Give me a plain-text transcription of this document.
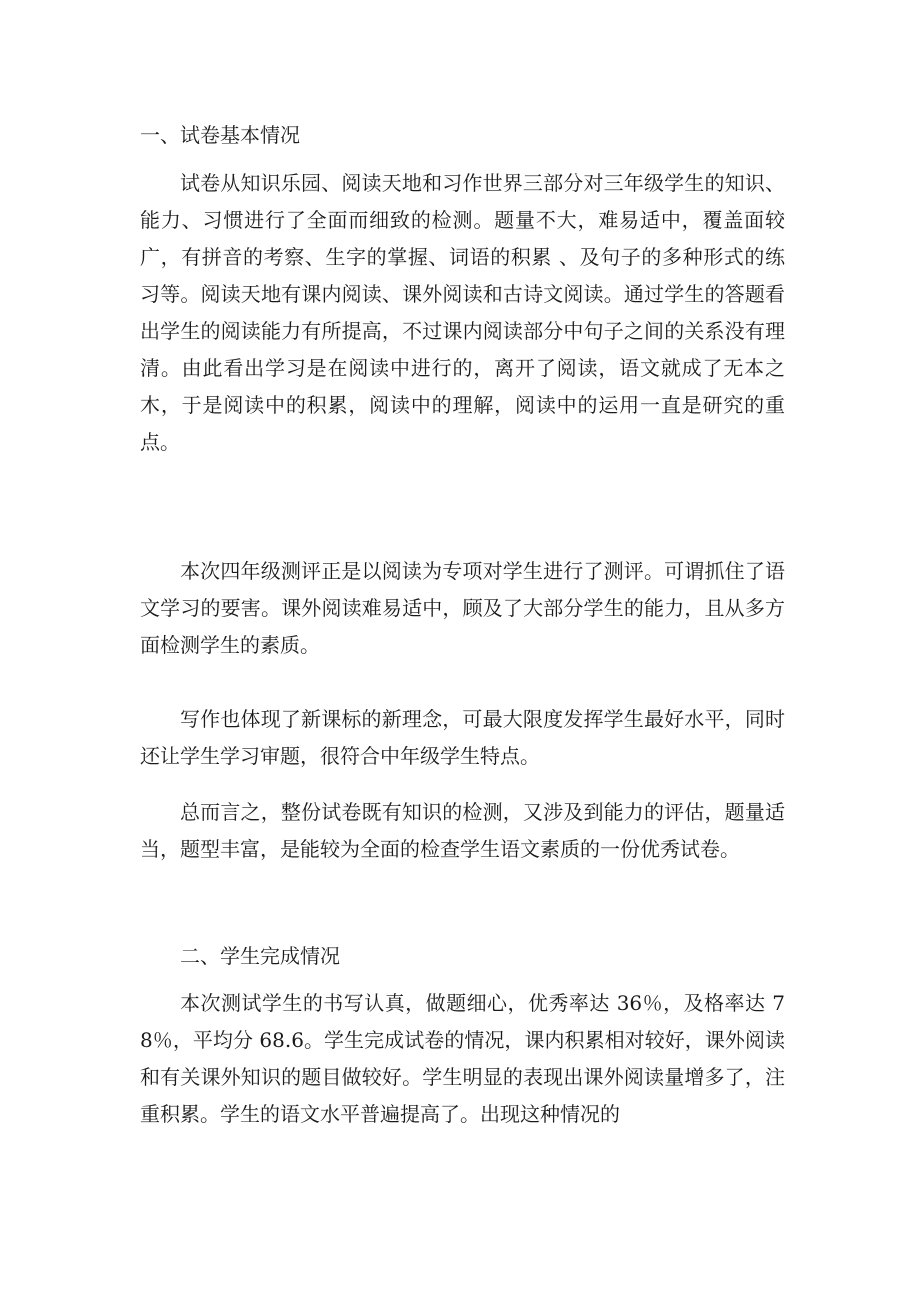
一、试卷基本情况
试卷从知识乐园、阅读天地和习作世界三部分对三年级学生的知识、能力、习惯进行了全面而细致的检测。题量不大，难易适中，覆盖面较广，有拼音的考察、生字的掌握、词语的积累 、及句子的多种形式的练习等。阅读天地有课内阅读、课外阅读和古诗文阅读。通过学生的答题看出学生的阅读能力有所提高，不过课内阅读部分中句子之间的关系没有理清。由此看出学习是在阅读中进行的，离开了阅读，语文就成了无本之木，于是阅读中的积累，阅读中的理解，阅读中的运用一直是研究的重点。
本次四年级测评正是以阅读为专项对学生进行了测评。可谓抓住了语文学习的要害。课外阅读难易适中，顾及了大部分学生的能力，且从多方面检测学生的素质。
写作也体现了新课标的新理念，可最大限度发挥学生最好水平，同时还让学生学习审题，很符合中年级学生特点。
总而言之，整份试卷既有知识的检测，又涉及到能力的评估，题量适当，题型丰富，是能较为全面的检查学生语文素质的一份优秀试卷。
二、学生完成情况
本次测试学生的书写认真，做题细心，优秀率达 36％，及格率达 78％，平均分 68.6。学生完成试卷的情况，课内积累相对较好，课外阅读和有关课外知识的题目做较好。学生明显的表现出课外阅读量增多了，注重积累。学生的语文水平普遍提高了。出现这种情况的
